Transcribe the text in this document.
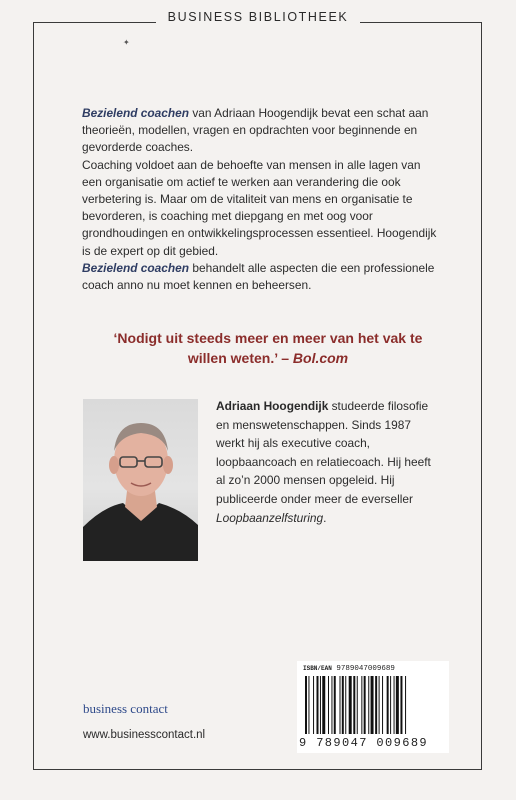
BUSINESS BIBLIOTHEEK
✦

Bezielend coachen van Adriaan Hoogendijk bevat een schat aan theorieën, modellen, vragen en opdrachten voor beginnende en gevorderde coaches.

Coaching voldoet aan de behoefte van mensen in alle lagen van een organisatie om actief te werken aan verandering die ook verbetering is. Maar om de vitaliteit van mens en organisatie te bevorderen, is coaching met diepgang en met oog voor grondhoudingen en ontwikkelingsprocessen essentieel. Hoogendijk is de expert op dit gebied.

Bezielend coachen behandelt alle aspecten die een professionele coach anno nu moet kennen en beheersen.

‘Nodigt uit steeds meer en meer van het vak te willen weten.’ – Bol.com
Adriaan Hoogendijk studeerde filosofie en menswetenschappen. Sinds 1987 werkt hij als executive coach, loopbaancoach en relatiecoach. Hij heeft al zo’n 2000 mensen opgeleid. Hij publiceerde onder meer de everseller Loopbaanzelfsturing.
business contact
www.businesscontact.nl
ISBN/EAN 9789047009689
9 789047 009689
